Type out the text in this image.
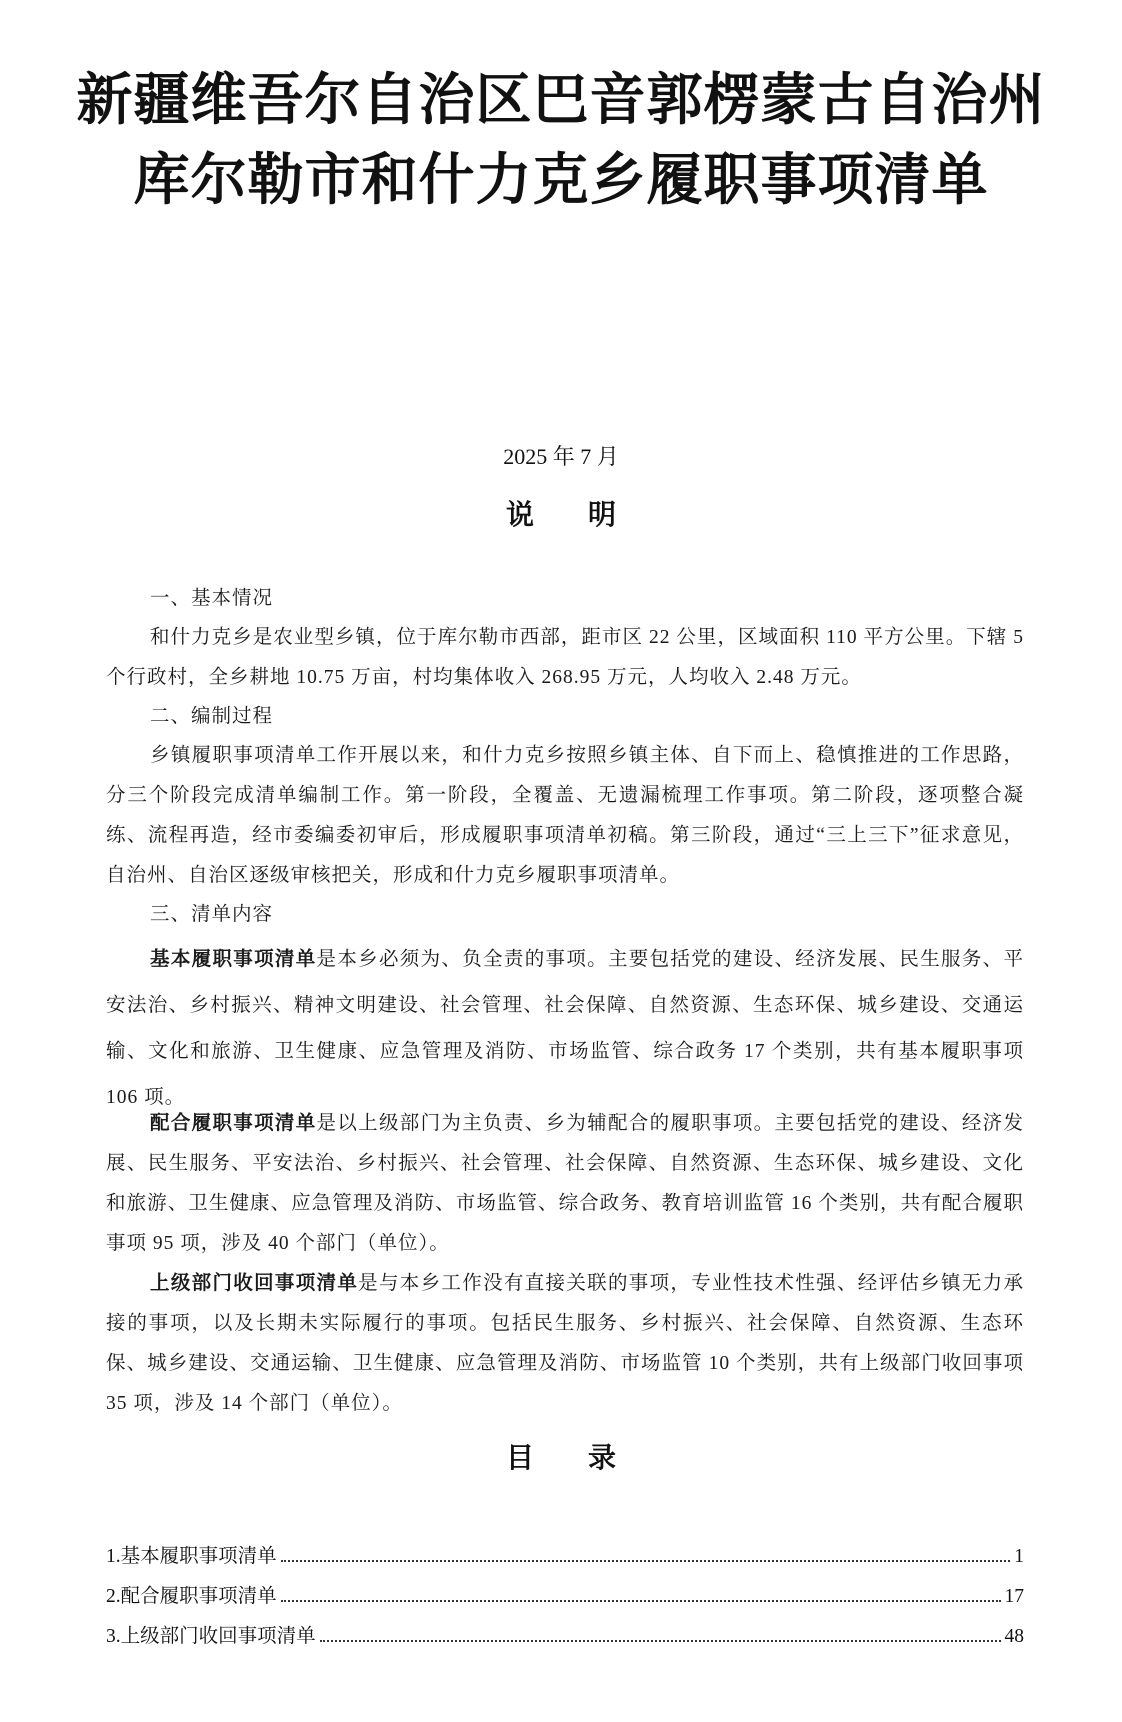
新疆维吾尔自治区巴音郭楞蒙古自治州
库尔勒市和什力克乡履职事项清单
2025 年 7 月
说明
一、基本情况
和什力克乡是农业型乡镇，位于库尔勒市西部，距市区 22 公里，区域面积 110 平方公里。下辖 5 个行政村，全乡耕地 10.75 万亩，村均集体收入 268.95 万元，人均收入 2.48 万元。
二、编制过程
乡镇履职事项清单工作开展以来，和什力克乡按照乡镇主体、自下而上、稳慎推进的工作思路，分三个阶段完成清单编制工作。第一阶段，全覆盖、无遗漏梳理工作事项。第二阶段，逐项整合凝练、流程再造，经市委编委初审后，形成履职事项清单初稿。第三阶段，通过“三上三下”征求意见，自治州、自治区逐级审核把关，形成和什力克乡履职事项清单。
三、清单内容

基本履职事项清单是本乡必须为、负全责的事项。主要包括党的建设、经济发展、民生服务、平安法治、乡村振兴、精神文明建设、社会管理、社会保障、自然资源、生态环保、城乡建设、交通运输、文化和旅游、卫生健康、应急管理及消防、市场监管、综合政务 17 个类别，共有基本履职事项 106 项。

配合履职事项清单是以上级部门为主负责、乡为辅配合的履职事项。主要包括党的建设、经济发展、民生服务、平安法治、乡村振兴、社会管理、社会保障、自然资源、生态环保、城乡建设、文化和旅游、卫生健康、应急管理及消防、市场监管、综合政务、教育培训监管 16 个类别，共有配合履职事项 95 项，涉及 40 个部门（单位）。

上级部门收回事项清单是与本乡工作没有直接关联的事项，专业性技术性强、经评估乡镇无力承接的事项，以及长期未实际履行的事项。包括民生服务、乡村振兴、社会保障、自然资源、生态环保、城乡建设、交通运输、卫生健康、应急管理及消防、市场监管 10 个类别，共有上级部门收回事项 35 项，涉及 14 个部门（单位）。

目录
1.基本履职事项清单	1
2.配合履职事项清单	17
3.上级部门收回事项清单	48
